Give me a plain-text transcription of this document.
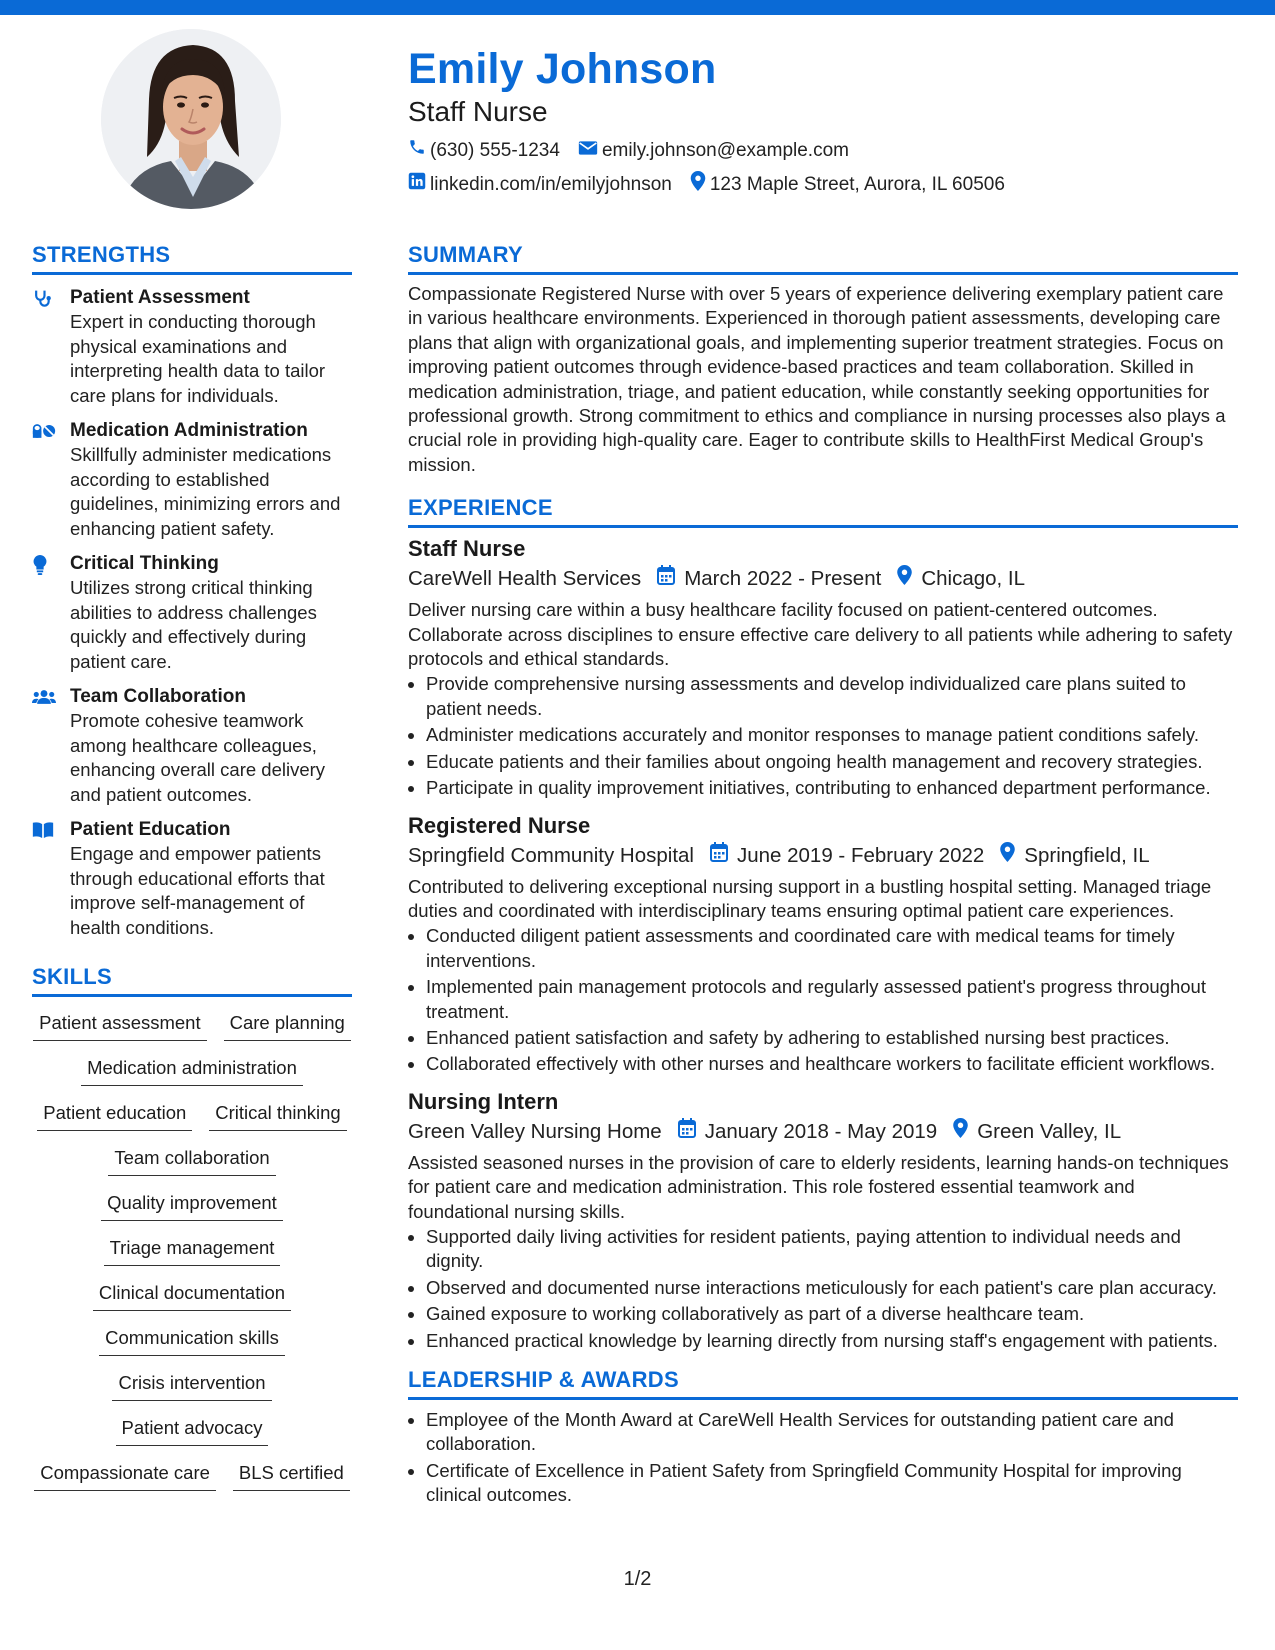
Emily Johnson
Staff Nurse
(630) 555-1234 emily.johnson@example.com
linkedin.com/in/emilyjohnson 123 Maple Street, Aurora, IL 60506
STRENGTHS
Patient Assessment
Expert in conducting thorough physical examinations and interpreting health data to tailor care plans for individuals.
Medication Administration
Skillfully administer medications according to established guidelines, minimizing errors and enhancing patient safety.
Critical Thinking
Utilizes strong critical thinking abilities to address challenges quickly and effectively during patient care.
Team Collaboration
Promote cohesive teamwork among healthcare colleagues, enhancing overall care delivery and patient outcomes.
Patient Education
Engage and empower patients through educational efforts that improve self-management of health conditions.
SKILLS
Patient assessment	Care planning
Medication administration
Patient education	Critical thinking
Team collaboration
Quality improvement
Triage management
Clinical documentation
Communication skills
Crisis intervention
Patient advocacy
Compassionate care	BLS certified
SUMMARY
Compassionate Registered Nurse with over 5 years of experience delivering exemplary patient care in various healthcare environments. Experienced in thorough patient assessments, developing care plans that align with organizational goals, and implementing superior treatment strategies. Focus on improving patient outcomes through evidence-based practices and team collaboration. Skilled in medication administration, triage, and patient education, while constantly seeking opportunities for professional growth. Strong commitment to ethics and compliance in nursing processes also plays a crucial role in providing high-quality care. Eager to contribute skills to HealthFirst Medical Group's mission.
EXPERIENCE
Staff Nurse
CareWell Health Services March 2022 - Present Chicago, IL
Deliver nursing care within a busy healthcare facility focused on patient-centered outcomes. Collaborate across disciplines to ensure effective care delivery to all patients while adhering to safety protocols and ethical standards.
• Provide comprehensive nursing assessments and develop individualized care plans suited to patient needs.
• Administer medications accurately and monitor responses to manage patient conditions safely.
• Educate patients and their families about ongoing health management and recovery strategies.
• Participate in quality improvement initiatives, contributing to enhanced department performance.
Registered Nurse
Springfield Community Hospital June 2019 - February 2022 Springfield, IL
Contributed to delivering exceptional nursing support in a bustling hospital setting. Managed triage duties and coordinated with interdisciplinary teams ensuring optimal patient care experiences.
• Conducted diligent patient assessments and coordinated care with medical teams for timely interventions.
• Implemented pain management protocols and regularly assessed patient's progress throughout treatment.
• Enhanced patient satisfaction and safety by adhering to established nursing best practices.
• Collaborated effectively with other nurses and healthcare workers to facilitate efficient workflows.
Nursing Intern
Green Valley Nursing Home January 2018 - May 2019 Green Valley, IL
Assisted seasoned nurses in the provision of care to elderly residents, learning hands-on techniques for patient care and medication administration. This role fostered essential teamwork and foundational nursing skills.
• Supported daily living activities for resident patients, paying attention to individual needs and dignity.
• Observed and documented nurse interactions meticulously for each patient's care plan accuracy.
• Gained exposure to working collaboratively as part of a diverse healthcare team.
• Enhanced practical knowledge by learning directly from nursing staff's engagement with patients.
LEADERSHIP & AWARDS
• Employee of the Month Award at CareWell Health Services for outstanding patient care and collaboration.
• Certificate of Excellence in Patient Safety from Springfield Community Hospital for improving clinical outcomes.
1/2
